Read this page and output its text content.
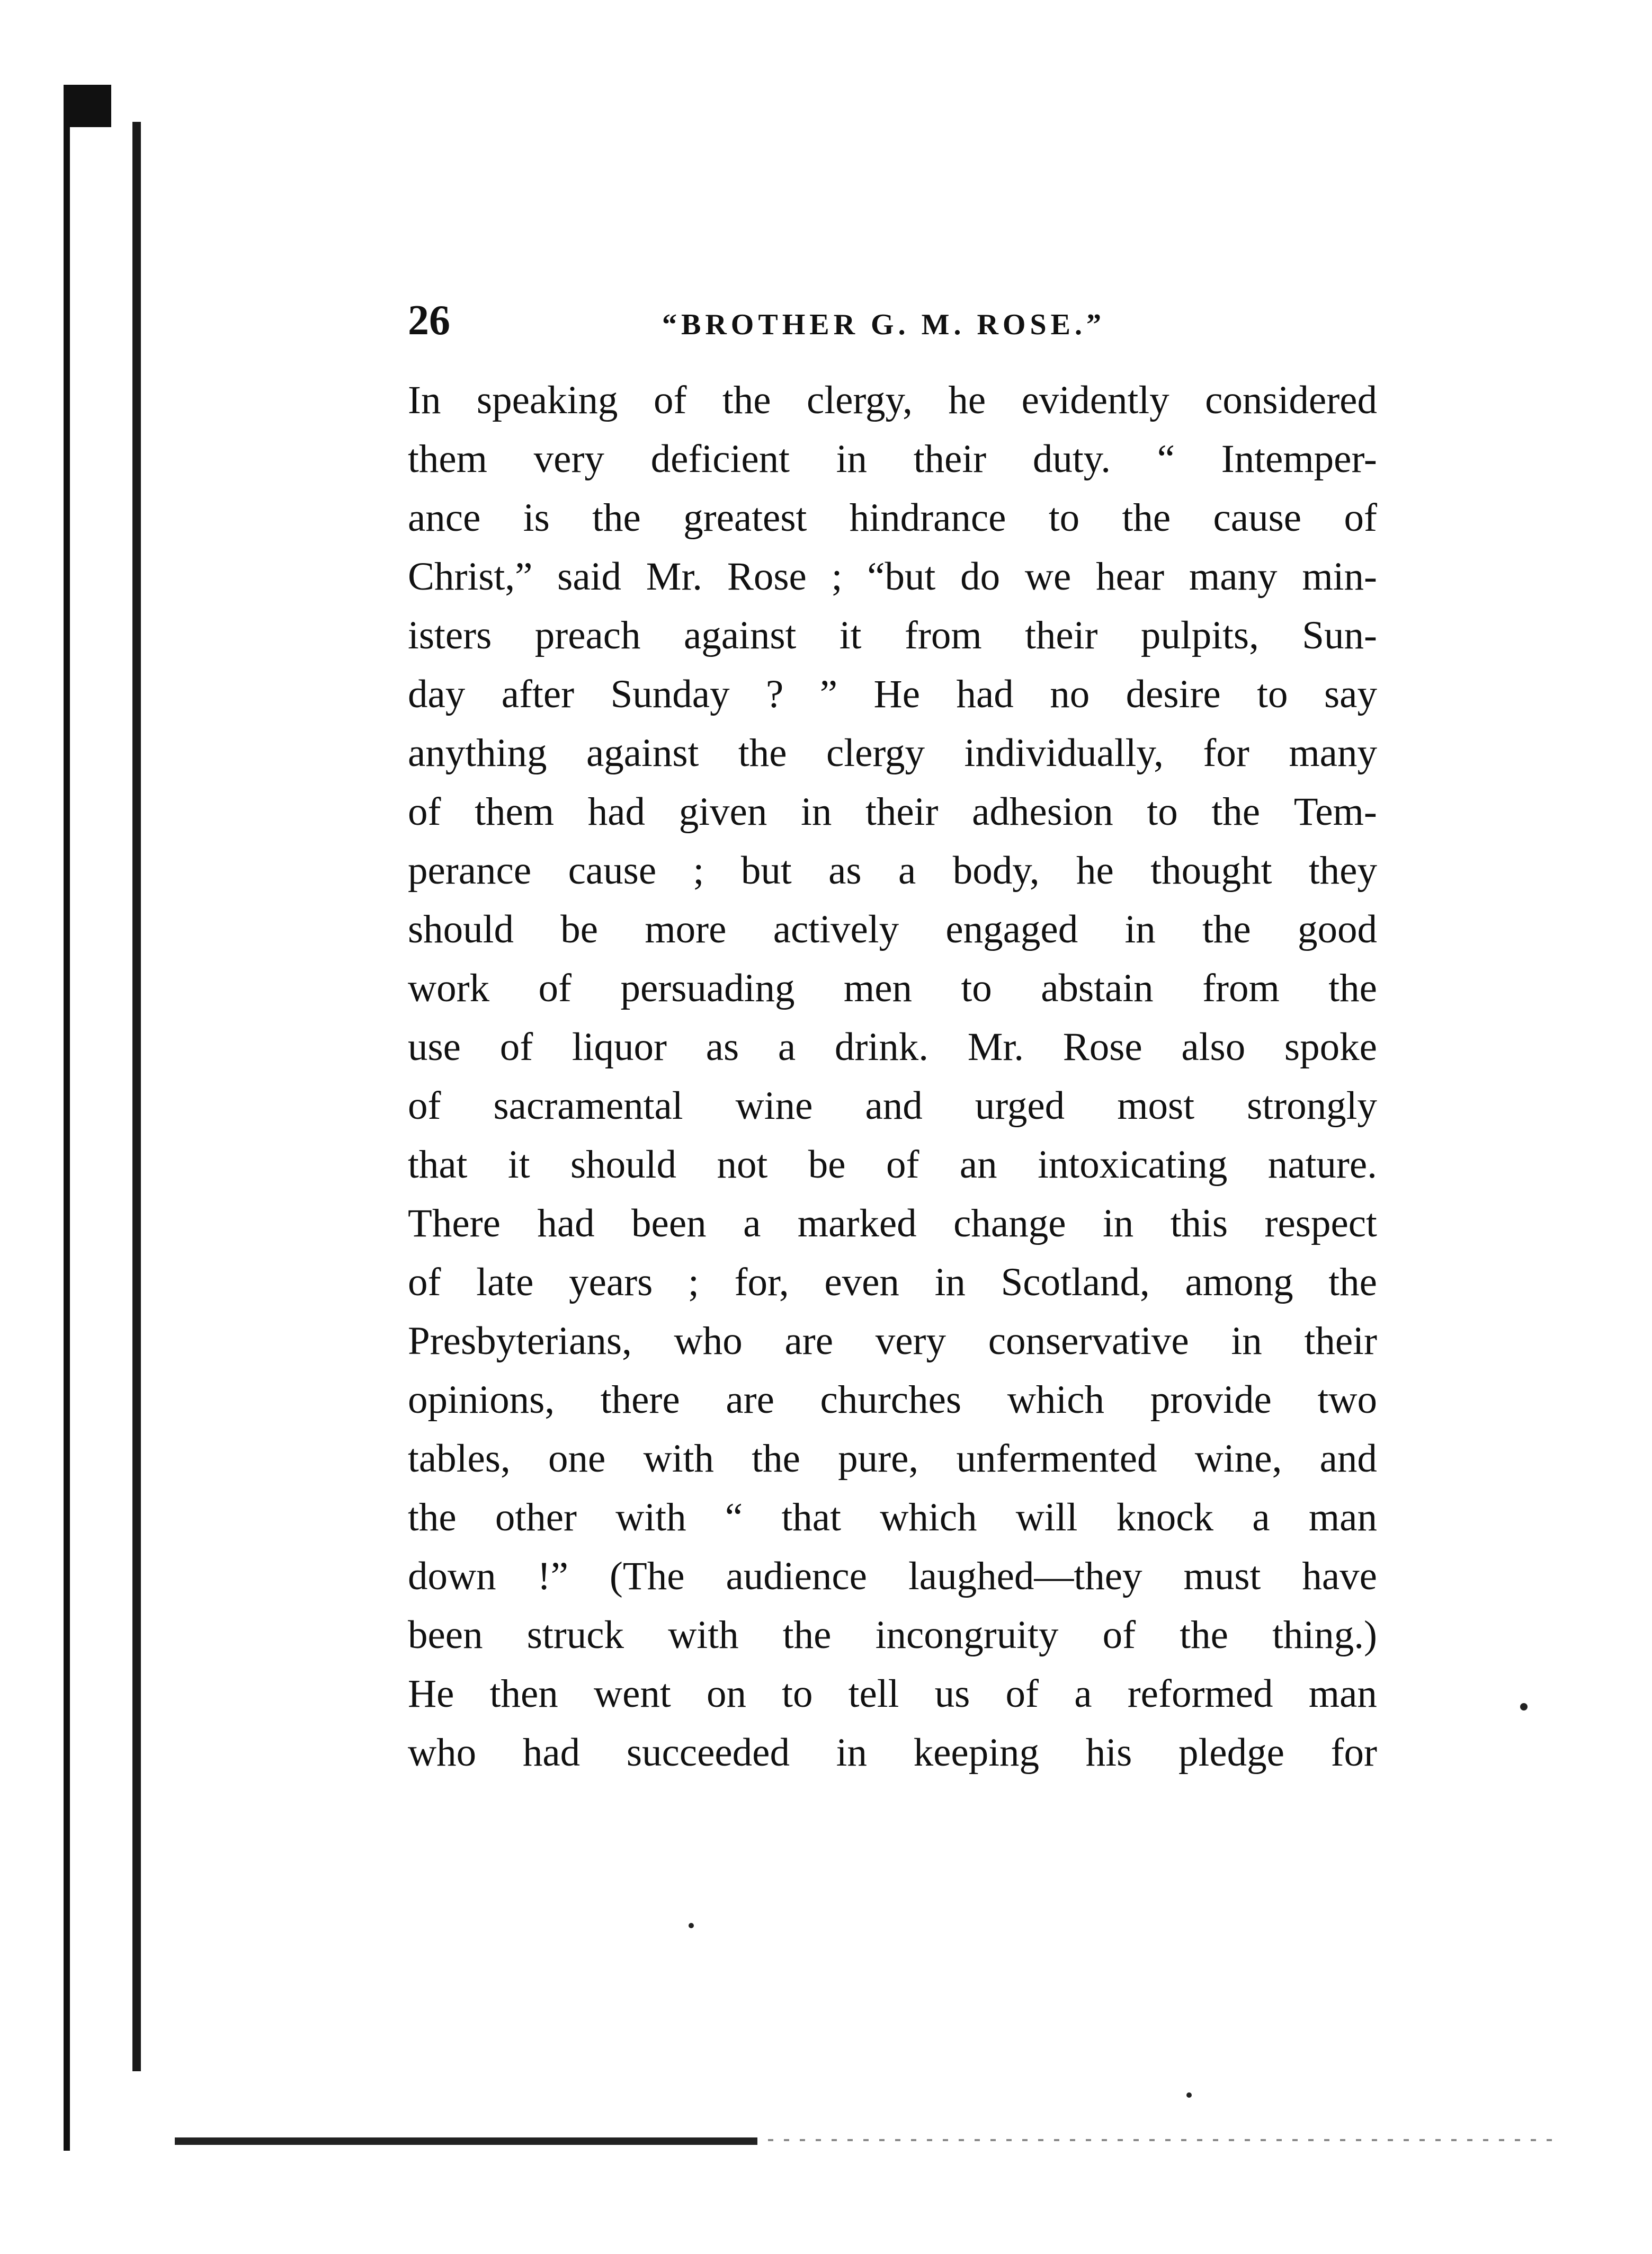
26	“BROTHER G. M. ROSE.”
In speaking of the clergy, he evidently considered
them very deficient in their duty. “ Intemper-
ance is the greatest hindrance to the cause of
Christ,” said Mr. Rose ; “but do we hear many min-
isters preach against it from their pulpits, Sun-
day after Sunday ? ” He had no desire to say
anything against the clergy individually, for many
of them had given in their adhesion to the Tem-
perance cause ; but as a body, he thought they
should be more actively engaged in the good
work of persuading men to abstain from the
use of liquor as a drink. Mr. Rose also spoke
of sacramental wine and urged most strongly
that it should not be of an intoxicating nature.
There had been a marked change in this respect
of late years ; for, even in Scotland, among the
Presbyterians, who are very conservative in their
opinions, there are churches which provide two
tables, one with the pure, unfermented wine, and
the other with “ that which will knock a man
down !” (The audience laughed—they must have
been struck with the incongruity of the thing.)
He then went on to tell us of a reformed man
who had succeeded in keeping his pledge for
